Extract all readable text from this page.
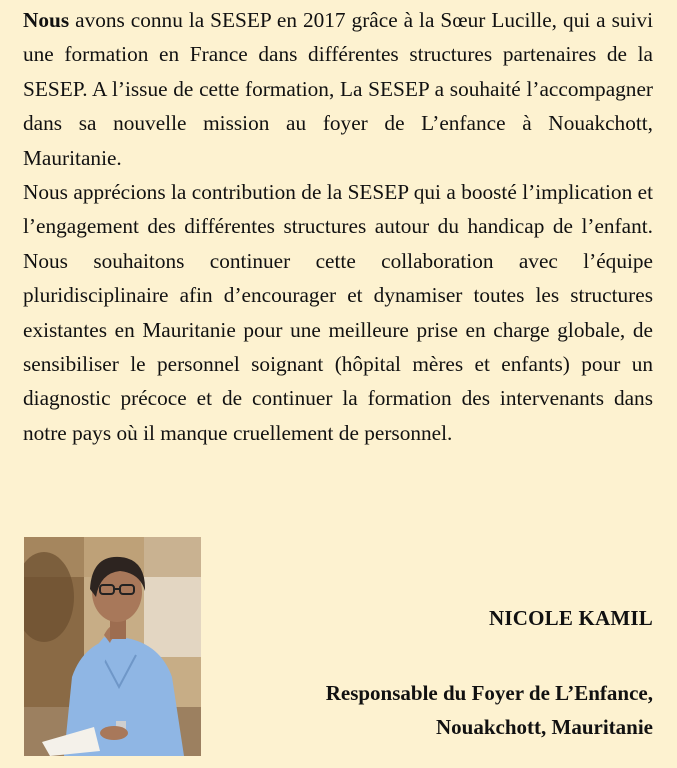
Nous avons connu la SESEP en 2017 grâce à la Sœur Lucille, qui a suivi une formation en France dans différentes structures partenaires de la SESEP. A l’issue de cette formation, La SESEP a souhaité l’accompagner dans sa nouvelle mission au foyer de L’enfance à Nouakchott, Mauritanie.

Nous apprécions la contribution de la SESEP qui a boosté l’implication et l’engagement des différentes structures autour du handicap de l’enfant. Nous souhaitons continuer cette collaboration avec l’équipe pluridisciplinaire afin d’encourager et dynamiser toutes les structures existantes en Mauritanie pour une meilleure prise en charge globale, de sensibiliser le personnel soignant (hôpital mères et enfants) pour un diagnostic précoce et de continuer la formation des intervenants dans notre pays où il manque cruellement de personnel.

NICOLE KAMIL
Responsable du Foyer de L’Enfance,
Nouakchott, Mauritanie
